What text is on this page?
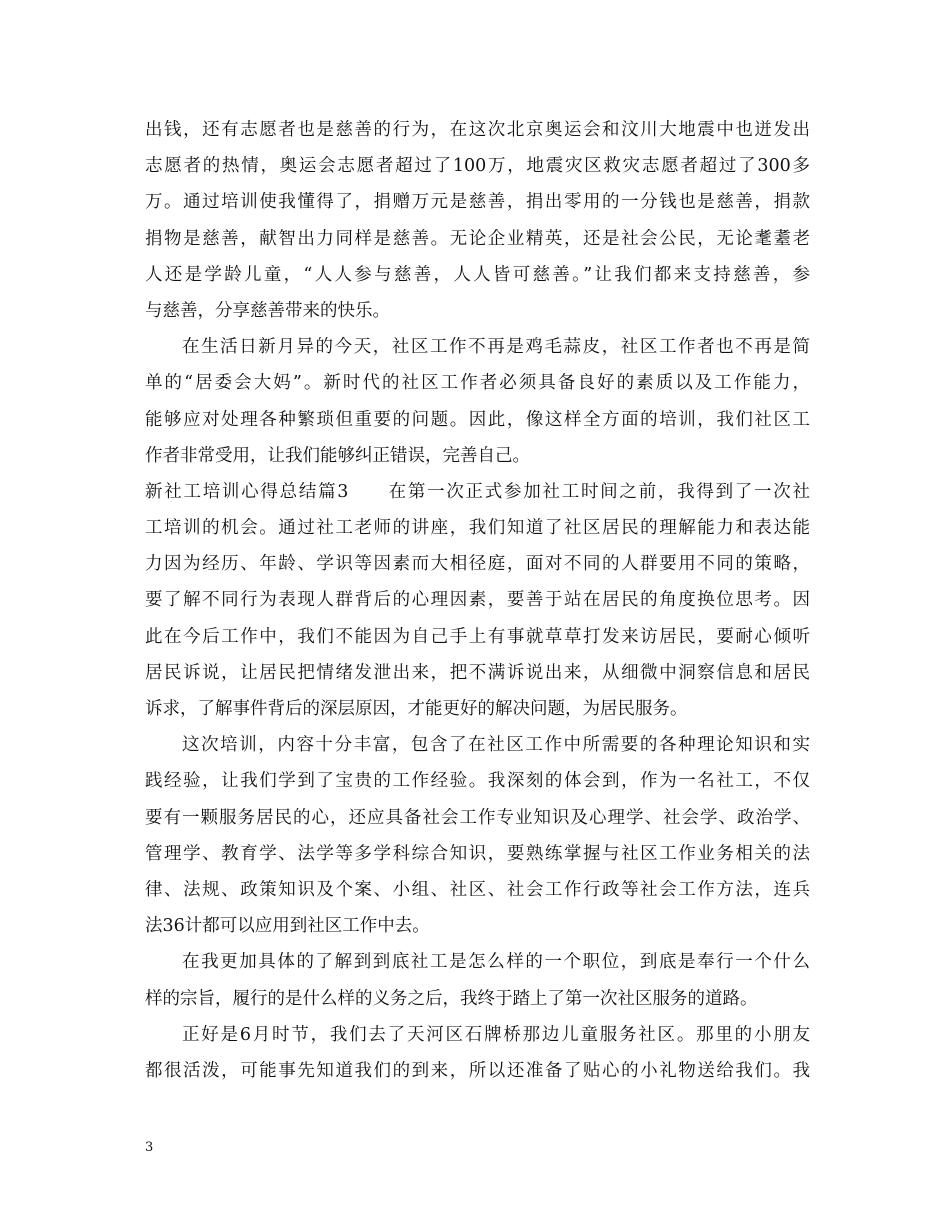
出钱，还有志愿者也是慈善的行为，在这次北京奥运会和汶川大地震中也迸发出
志愿者的热情，奥运会志愿者超过了100万，地震灾区救灾志愿者超过了300多
万。通过培训使我懂得了，捐赠万元是慈善，捐出零用的一分钱也是慈善，捐款
捐物是慈善，献智出力同样是慈善。无论企业精英，还是社会公民，无论耄耋老
人还是学龄儿童，“人人参与慈善，人人皆可慈善。”让我们都来支持慈善，参
与慈善，分享慈善带来的快乐。
在生活日新月异的今天，社区工作不再是鸡毛蒜皮，社区工作者也不再是简
单的“居委会大妈”。新时代的社区工作者必须具备良好的素质以及工作能力，
能够应对处理各种繁琐但重要的问题。因此，像这样全方面的培训，我们社区工
作者非常受用，让我们能够纠正错误，完善自己。
新社工培训心得总结篇3　　在第一次正式参加社工时间之前，我得到了一次社
工培训的机会。通过社工老师的讲座，我们知道了社区居民的理解能力和表达能
力因为经历、年龄、学识等因素而大相径庭，面对不同的人群要用不同的策略，
要了解不同行为表现人群背后的心理因素，要善于站在居民的角度换位思考。因
此在今后工作中，我们不能因为自己手上有事就草草打发来访居民，要耐心倾听
居民诉说，让居民把情绪发泄出来，把不满诉说出来，从细微中洞察信息和居民
诉求，了解事件背后的深层原因，才能更好的解决问题，为居民服务。
这次培训，内容十分丰富，包含了在社区工作中所需要的各种理论知识和实
践经验，让我们学到了宝贵的工作经验。我深刻的体会到，作为一名社工，不仅
要有一颗服务居民的心，还应具备社会工作专业知识及心理学、社会学、政治学、
管理学、教育学、法学等多学科综合知识，要熟练掌握与社区工作业务相关的法
律、法规、政策知识及个案、小组、社区、社会工作行政等社会工作方法，连兵
法36计都可以应用到社区工作中去。
在我更加具体的了解到到底社工是怎么样的一个职位，到底是奉行一个什么
样的宗旨，履行的是什么样的义务之后，我终于踏上了第一次社区服务的道路。
正好是6月时节，我们去了天河区石牌桥那边儿童服务社区。那里的小朋友
都很活泼，可能事先知道我们的到来，所以还准备了贴心的小礼物送给我们。我
3
